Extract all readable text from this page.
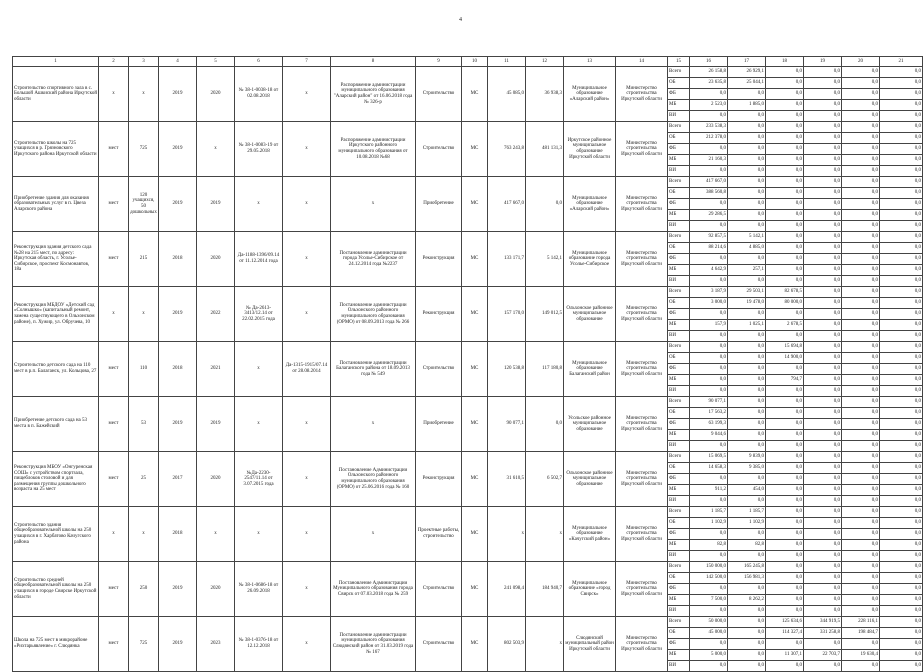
4
1	2	3	4	5	6	7	8	9	10	11	12	13	14	15	16	17	18	19	20	21
Строительство спортивного зала в с. Большой Ашкиский района Иркутской области	x	x	2019	2020	№ 38-1-0038-18 от 02.08.2018	x	Распоряжение администрации муниципального образования "Аларский район" от 16.06.2018 года № 326-р	Строительство	МС	45 085,0	36 938,3	Муниципальное образование «Аларский район»	Министерство строительства Иркутской области	Всего	26 158,8	26 929,1	0,0	0,0	0,0	0,0
														ОБ	23 635,8	25 044,1	0,0	0,0	0,0	0,0
														ФБ	0,0	0,0	0,0	0,0	0,0	0,0
														МБ	2 523,0	1 885,0	0,0	0,0	0,0	0,0
														ВИ	0,0	0,0	0,0	0,0	0,0	0,0
Строительство школы на 725 учащихся в р. Грязновского Иркутского района Иркутской области	мест	725	2019	x	№ 38-1-0083-19 от 29.05.2018	x	Распоряжение администрации Иркутского районного муниципального образования от 10.08.2018 №68	Строительство	МС	763 243,8	481 131,3	Иркутское районное муниципальное образование Иркутской области	Министерство строительства Иркутской области	Всего	233 538,3	0,0	0,0	0,0	0,0	0,0
														ОБ	212 378,0	0,0	0,0	0,0	0,0	0,0
														ФБ	0,0	0,0	0,0	0,0	0,0	0,0
														МБ	21 160,3	0,0	0,0	0,0	0,0	0,0
														ВИ	0,0	0,0	0,0	0,0	0,0	0,0
Приобретение здания для оказания образовательных услуг в п. Цвеза Аларского района	мест	120 учащихся, 50 дошкольных	2019	2019	x	x	x	Приобретение	МС	417 667,0	0,0	Муниципальное образование «Аларский район»	Министерство строительства Иркутской области	Всего	417 667,0	0,0	0,0	0,0	0,0	0,0
														ОБ	388 560,8	0,0	0,0	0,0	0,0	0,0
														ФБ	0,0	0,0	0,0	0,0	0,0	0,0
														МБ	29 286,5	0,0	0,0	0,0	0,0	0,0
														ВИ	0,0	0,0	0,0	0,0	0,0	0,0
Реконструкция здания детского сада №28 на 215 мест, по адресу: Иркутская область, г. Усолье-Сибирское, проспект Космонавтов, 18а	мест	215	2018	2020	Да-1188-1396/09.14 от 11.12.2014 года	x	Постановление администрации города Усолье-Сибирское от 24.12.2014 года №2237	Реконструкция	МС	133 171,7	5 142,1	Муниципальное образование города Усолье-Сибирское	Министерство строительства Иркутской области	Всего	92 857,5	5 142,1	0,0	0,0	0,0	0,0
														ОБ	88 214,6	4 885,0	0,0	0,0	0,0	0,0
														ФБ	0,0	0,0	0,0	0,0	0,0	0,0
														МБ	4 642,9	257,1	0,0	0,0	0,0	0,0
														ВИ	0,0	0,0	0,0	0,0	0,0	0,0
Реконструкция МБДОУ «Детский сад «Солнышко» (капитальный ремонт, замена существующего в Ольхонском районе), п. Хужир, ул. Обручева, 10	x	x	2019	2022	№ Да-2613-3413/12.14 от 22.02.2015 года	x	Постановление администрации Ольхонского районного муниципального образования (ОРМО) от 08.09.2013 года № 266	Реконструкция	МС	157 170,0	149 012,5	Ольхонское районное муниципальное образование	Министерство строительства Иркутской области	Всего	3 187,9	29 503,1	82 678,5	0,0	0,0	0,0
														ОБ	3 000,0	19 478,0	80 000,0	0,0	0,0	0,0
														ФБ	0,0	0,0	0,0	0,0	0,0	0,0
														МБ	157,9	1 025,1	2 678,5	0,0	0,0	0,0
														ВИ	0,0	0,0	0,0	0,0	0,0	0,0
Строительство детского сада на 110 мест в р.п. Балаганск, ул. Кольцова, 27	мест	110	2018	2021	x	Да-1315-1915/07.14 от 28.08.2014	Постановление администрации Балаганского района от 18.09.2013 года № 549	Строительство	МС	120 538,8	117 180,8	Муниципальное образование Балаганский район	Министерство строительства Иркутской области	Всего	0,0	0,0	15 694,8	0,0	0,0	0,0
														ОБ	0,0	0,0	14 900,0	0,0	0,0	0,0
														ФБ	0,0	0,0	0,0	0,0	0,0	0,0
														МБ	0,0	0,0	794,7	0,0	0,0	0,0
														ВИ	0,0	0,0	0,0	0,0	0,0	0,0
Приобретение детского сада на 53 места в п. Бажейский	мест	53	2019	2019	x	x	x	Приобретение	МС	90 077,1	0,0	Усольское районное муниципальное образование	Министерство строительства Иркутской области	Всего	90 077,1	0,0	0,0	0,0	0,0	0,0
														ОБ	17 563,2	0,0	0,0	0,0	0,0	0,0
														ФБ	63 199,3	0,0	0,0	0,0	0,0	0,0
														МБ	9 044,6	0,0	0,0	0,0	0,0	0,0
														ВИ	0,0	0,0	0,0	0,0	0,0	0,0
Реконструкция МБОУ «Онгуренская СОШ» с устройством спортзала, пищеблоков столовой и для размещения группы дошкольного возраста на 25 мест	мест	25	2017	2020	№Да-2230-2547/11.14 от 3.07.2015 года	x	Постановление Администрации Ольхонского районного муниципального образования (ОРМО) от 25.06.2016 года № 160	Реконструкция	МС	31 610,5	6 502,7	Ольхонское районное муниципальное образование	Министерство строительства Иркутской области	Всего	15 069,5	9 839,0	0,0	0,0	0,0	0,0
														ОБ	14 658,3	9 385,0	0,0	0,0	0,0	0,0
														ФБ	0,0	0,0	0,0	0,0	0,0	0,0
														МБ	911,2	454,0	0,0	0,0	0,0	0,0
														ВИ	0,0	0,0	0,0	0,0	0,0	0,0
Строительство здания общеобразовательной школы на 250 учащихся в г. Харбатово Качугского района	x	x	2018	x	x	x	x	Проектные работы, строительство	МС	x	x	Муниципальное образование «Качугский район»	Министерство строительства Иркутской области	Всего	1 185,7	1 185,7	0,0	0,0	0,0	0,0
														ОБ	1 102,9	1 102,9	0,0	0,0	0,0	0,0
														ФБ	0,0	0,0	0,0	0,0	0,0	0,0
														МБ	82,8	82,8	0,0	0,0	0,0	0,0
														ВИ	0,0	0,0	0,0	0,0	0,0	0,0
Строительство средней общеобразовательной школы на 250 учащихся в городе Свирске Иркутской области	мест	250	2019	2020	№ 38-1-0686-18 от 26.09.2018	x	Постановление Администрации Муниципального образования города Свирск от 07.03.2018 года № 259	Строительство	МС	241 098,4	184 940,7	Муниципальное образование «город Свирск»	Министерство строительства Иркутской области	Всего	150 000,0	165 245,8	0,0	0,0	0,0	0,0
														ОБ	142 500,0	156 981,3	0,0	0,0	0,0	0,0
														ФБ	0,0	0,0	0,0	0,0	0,0	0,0
														МБ	7 500,0	8 262,2	0,0	0,0	0,0	0,0
														ВИ	0,0	0,0	0,0	0,0	0,0	0,0
Школа на 725 мест в микрорайоне «Рихтарьявление» г. Слюдянка	мест	725	2019	2023	№ 38-1-0376-18 от 12.12.2018	x	Постановление администрации муниципального образования Слюдянский район от 31.03.2019 года № 167	Строительство	МС	802 503,9	x	Слюдянский муниципальный район Иркутской области	Министерство строительства Иркутской области	Всего	50 000,0	0,0	125 634,6	344 919,5	228 116,1	0,0
														ОБ	45 000,0	0,0	114 327,4	331 258,8	198 484,7	0,0
														ФБ	0,0	0,0	0,0	0,0	0,0	0,0
														МБ	5 000,0	0,0	11 307,1	22 703,7	19 630,4	0,0
														ВИ	0,0	0,0	0,0	0,0	0,0	0,0
